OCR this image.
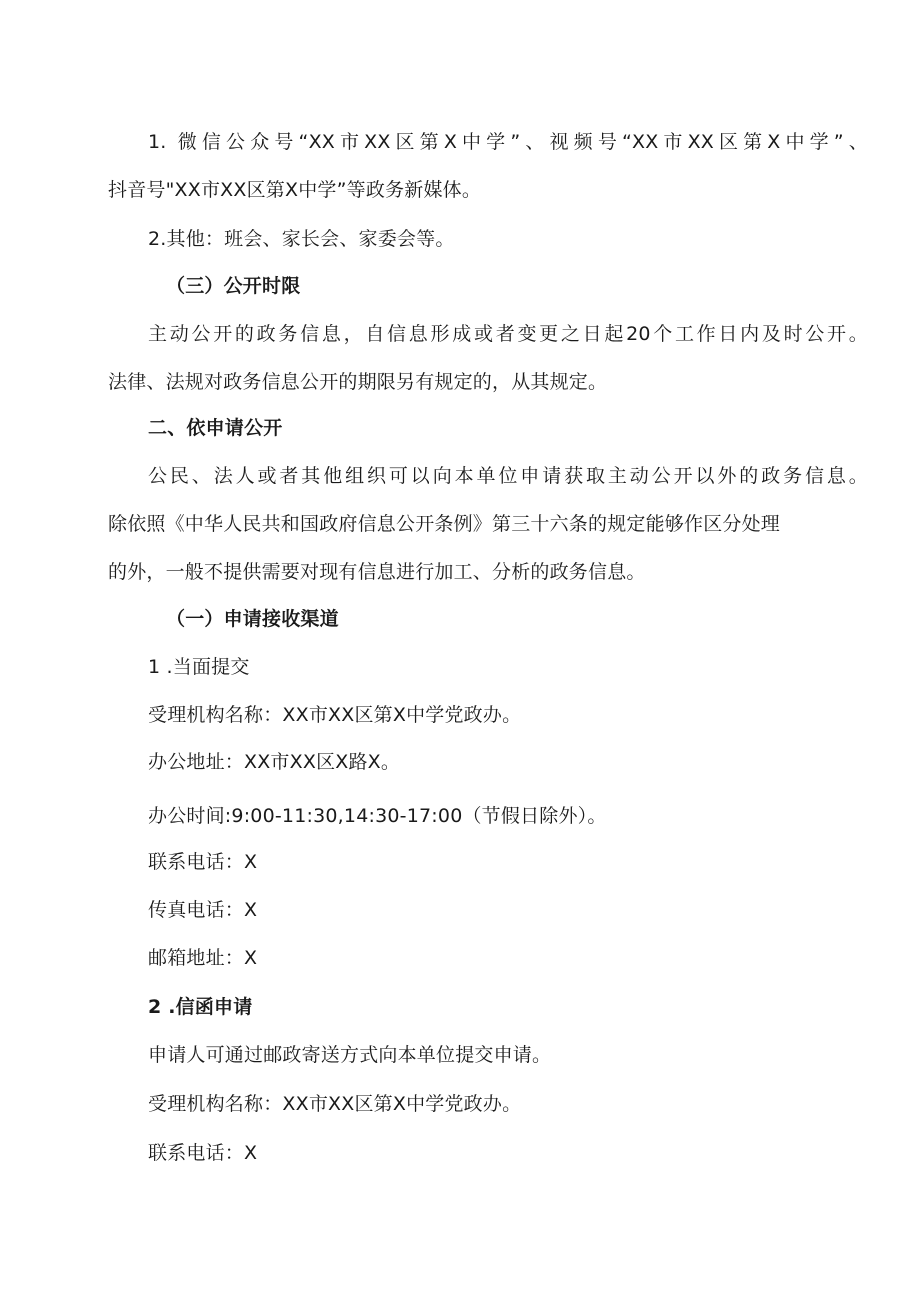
1. 微信公众号“XX市XX区第X中学”、视频号“XX市XX区第X中学”、
抖音号"XX市XX区第X中学”等政务新媒体。
2.其他：班会、家长会、家委会等。
（三）公开时限
主动公开的政务信息，自信息形成或者变更之日起20个工作日内及时公开。
法律、法规对政务信息公开的期限另有规定的，从其规定。
二、依申请公开
公民、法人或者其他组织可以向本单位申请获取主动公开以外的政务信息。
除依照《中华人民共和国政府信息公开条例》第三十六条的规定能够作区分处理
的外，一般不提供需要对现有信息进行加工、分析的政务信息。
（一）申请接收渠道
1 .当面提交
受理机构名称：XX市XX区第X中学党政办。
办公地址：XX市XX区X路X。
办公时间:9:00-11:30,14:30-17:00（节假日除外）。
联系电话：X
传真电话：X
邮箱地址：X
2 .信函申请
申请人可通过邮政寄送方式向本单位提交申请。
受理机构名称：XX市XX区第X中学党政办。
联系电话：X
